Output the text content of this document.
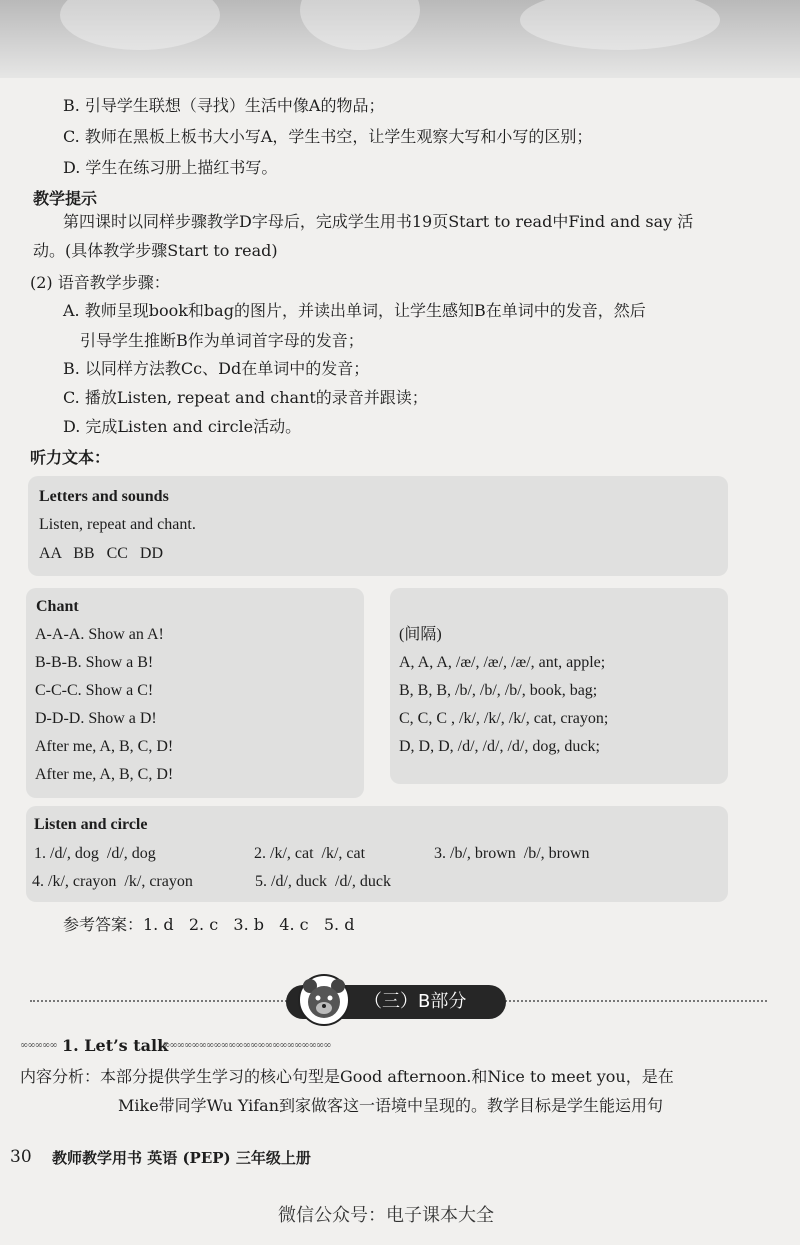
B. 引导学生联想（寻找）生活中像A的物品；
C. 教师在黑板上板书大小写A，学生书空，让学生观察大写和小写的区别；
D. 学生在练习册上描红书写。
教学提示
第四课时以同样步骤教学D字母后，完成学生用书19页Start to read中Find and say 活
动。(具体教学步骤Start to read)
(2) 语音教学步骤：
A. 教师呈现book和bag的图片，并读出单词，让学生感知B在单词中的发音，然后
引导学生推断B作为单词首字母的发音；
B. 以同样方法教Cc、Dd在单词中的发音；
C. 播放Listen, repeat and chant的录音并跟读；
D. 完成Listen and circle活动。
听力文本：
Letters and sounds
Listen, repeat and chant.
AA   BB   CC   DD
Chant
A-A-A. Show an A!
B-B-B. Show a B!
C-C-C. Show a C!
D-D-D. Show a D!
After me, A, B, C, D!
After me, A, B, C, D!
(间隔)
A, A, A, /æ/, /æ/, /æ/, ant, apple;
B, B, B, /b/, /b/, /b/, book, bag;
C, C, C , /k/, /k/, /k/, cat, crayon;
D, D, D, /d/, /d/, /d/, dog, duck;
Listen and circle
1. /d/, dog  /d/, dog	2. /k/, cat  /k/, cat	3. /b/, brown  /b/, brown
4. /k/, crayon  /k/, crayon	5. /d/, duck  /d/, duck
参考答案：1. d   2. c   3. b   4. c   5. d
（三）B部分
∞∞∞∞∞ 1. Let’s talk
∞∞∞∞∞∞∞∞∞∞∞∞∞∞∞∞∞∞∞∞∞∞∞
内容分析：本部分提供学生学习的核心句型是Good afternoon.和Nice to meet you，是在
Mike带同学Wu Yifan到家做客这一语境中呈现的。教学目标是学生能运用句
30 教师教学用书 英语 (PEP) 三年级上册
微信公众号：电子课本大全
